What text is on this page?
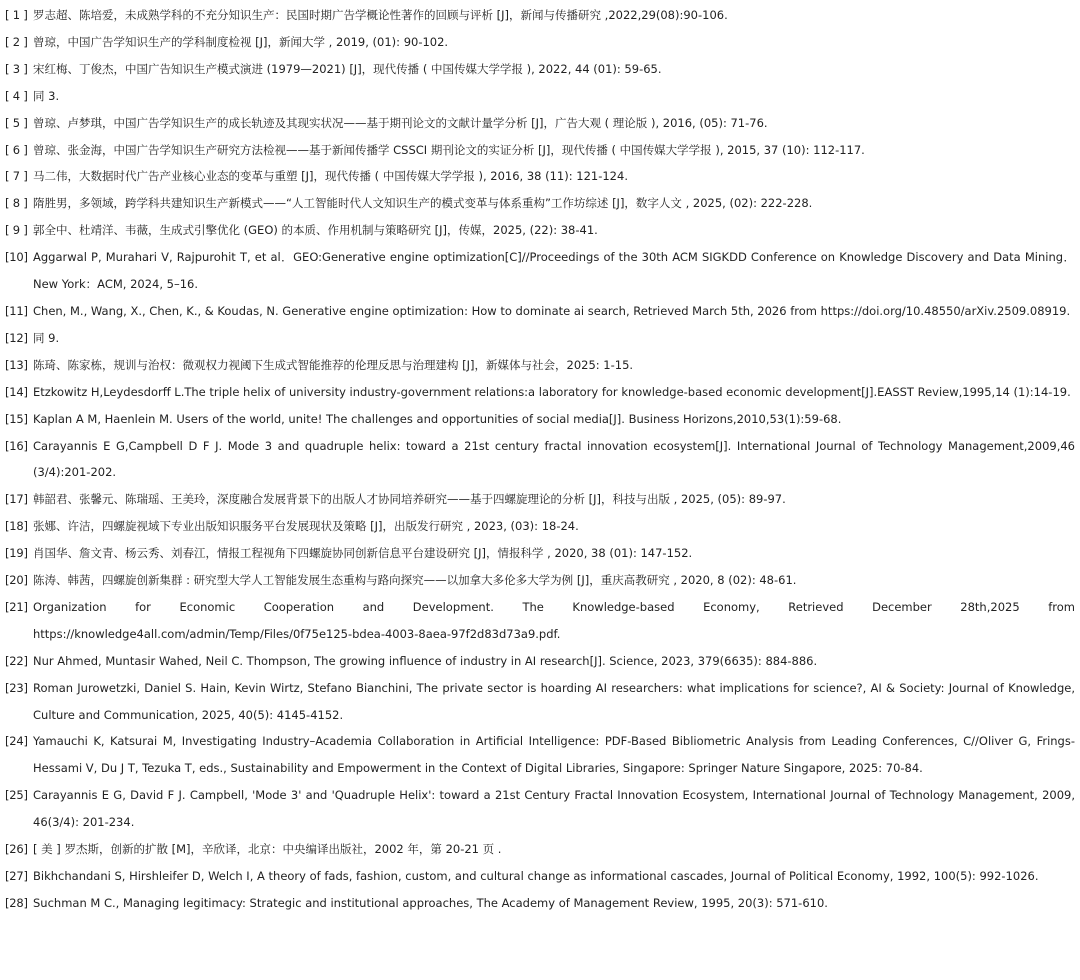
[ 1 ] 罗志超、陈培爱，未成熟学科的不充分知识生产：民国时期广告学概论性著作的回顾与评析 [J]，新闻与传播研究 ,2022,29(08):90-106.
[ 2 ] 曾琼，中国广告学知识生产的学科制度检视 [J]，新闻大学 , 2019, (01): 90-102.
[ 3 ] 宋红梅、丁俊杰，中国广告知识生产模式演进 (1979—2021) [J]，现代传播 ( 中国传媒大学学报 ), 2022, 44 (01): 59-65.
[ 4 ] 同 3.
[ 5 ] 曾琼、卢梦琪，中国广告学知识生产的成长轨迹及其现实状况——基于期刊论文的文献计量学分析 [J]，广告大观 ( 理论版 ), 2016, (05): 71-76.
[ 6 ] 曾琼、张金海，中国广告学知识生产研究方法检视——基于新闻传播学 CSSCI 期刊论文的实证分析 [J]，现代传播 ( 中国传媒大学学报 ), 2015, 37 (10): 112-117.
[ 7 ] 马二伟，大数据时代广告产业核心业态的变革与重塑 [J]，现代传播 ( 中国传媒大学学报 ), 2016, 38 (11): 121-124.
[ 8 ] 隋胜男，多领域，跨学科共建知识生产新模式——“人工智能时代人文知识生产的模式变革与体系重构”工作坊综述 [J]，数字人文 , 2025, (02): 222-228.
[ 9 ] 郭全中、杜靖洋、韦薇，生成式引擎优化 (GEO) 的本质、作用机制与策略研究 [J]，传媒，2025, (22): 38-41.
[10] Aggarwal P, Murahari V, Rajpurohit T, et al．GEO:Generative engine optimization[C]//Proceedings of the 30th ACM SIGKDD Conference on Knowledge Discovery and Data Mining．New York：ACM, 2024, 5–16.
[11] Chen, M., Wang, X., Chen, K., & Koudas, N. Generative engine optimization: How to dominate ai search, Retrieved March 5th, 2026 from https://doi.org/10.48550/arXiv.2509.08919.
[12] 同 9.
[13] 陈琦、陈家栋，规训与治权：微观权力视阈下生成式智能推荐的伦理反思与治理建构 [J]，新媒体与社会，2025: 1-15.
[14] Etzkowitz H,Leydesdorff L.The triple helix of university industry-government relations:a laboratory for knowledge-based economic development[J].EASST Review,1995,14 (1):14-19.
[15] Kaplan A M, Haenlein M. Users of the world, unite! The challenges and opportunities of social media[J]. Business Horizons,2010,53(1):59-68.
[16] Carayannis E G,Campbell D F J. Mode 3 and quadruple helix: toward a 21st century fractal innovation ecosystem[J]. International Journal of Technology Management,2009,46 (3/4):201-202.
[17] 韩韶君、张馨元、陈瑞瑶、王美玲，深度融合发展背景下的出版人才协同培养研究——基于四螺旋理论的分析 [J]，科技与出版 , 2025, (05): 89-97.
[18] 张娜、许洁，四螺旋视域下专业出版知识服务平台发展现状及策略 [J]，出版发行研究 , 2023, (03): 18-24.
[19] 肖国华、詹文青、杨云秀、刘春江，情报工程视角下四螺旋协同创新信息平台建设研究 [J]，情报科学 , 2020, 38 (01): 147-152.
[20] 陈涛、韩茜，四螺旋创新集群 : 研究型大学人工智能发展生态重构与路向探究——以加拿大多伦多大学为例 [J]，重庆高教研究 , 2020, 8 (02): 48-61.
[21] Organization for Economic Cooperation and Development. The Knowledge-based Economy, Retrieved December 28th,2025 from https://knowledge4all.com/admin/Temp/Files/0f75e125-bdea-4003-8aea-97f2d83d73a9.pdf.
[22] Nur Ahmed, Muntasir Wahed, Neil C. Thompson, The growing influence of industry in AI research[J]. Science, 2023, 379(6635): 884-886.
[23] Roman Jurowetzki, Daniel S. Hain, Kevin Wirtz, Stefano Bianchini, The private sector is hoarding AI researchers: what implications for science?, AI & Society: Journal of Knowledge, Culture and Communication, 2025, 40(5): 4145-4152.
[24] Yamauchi K, Katsurai M, Investigating Industry–Academia Collaboration in Artificial Intelligence: PDF-Based Bibliometric Analysis from Leading Conferences, C//Oliver G, Frings-Hessami V, Du J T, Tezuka T, eds., Sustainability and Empowerment in the Context of Digital Libraries, Singapore: Springer Nature Singapore, 2025: 70-84.
[25] Carayannis E G, David F J. Campbell, 'Mode 3' and 'Quadruple Helix': toward a 21st Century Fractal Innovation Ecosystem, International Journal of Technology Management, 2009, 46(3/4): 201-234.
[26] [ 美 ] 罗杰斯，创新的扩散 [M]，辛欣译，北京：中央编译出版社，2002 年，第 20-21 页 .
[27] Bikhchandani S, Hirshleifer D, Welch I, A theory of fads, fashion, custom, and cultural change as informational cascades, Journal of Political Economy, 1992, 100(5): 992-1026.
[28] Suchman M C., Managing legitimacy: Strategic and institutional approaches, The Academy of Management Review, 1995, 20(3): 571-610.
